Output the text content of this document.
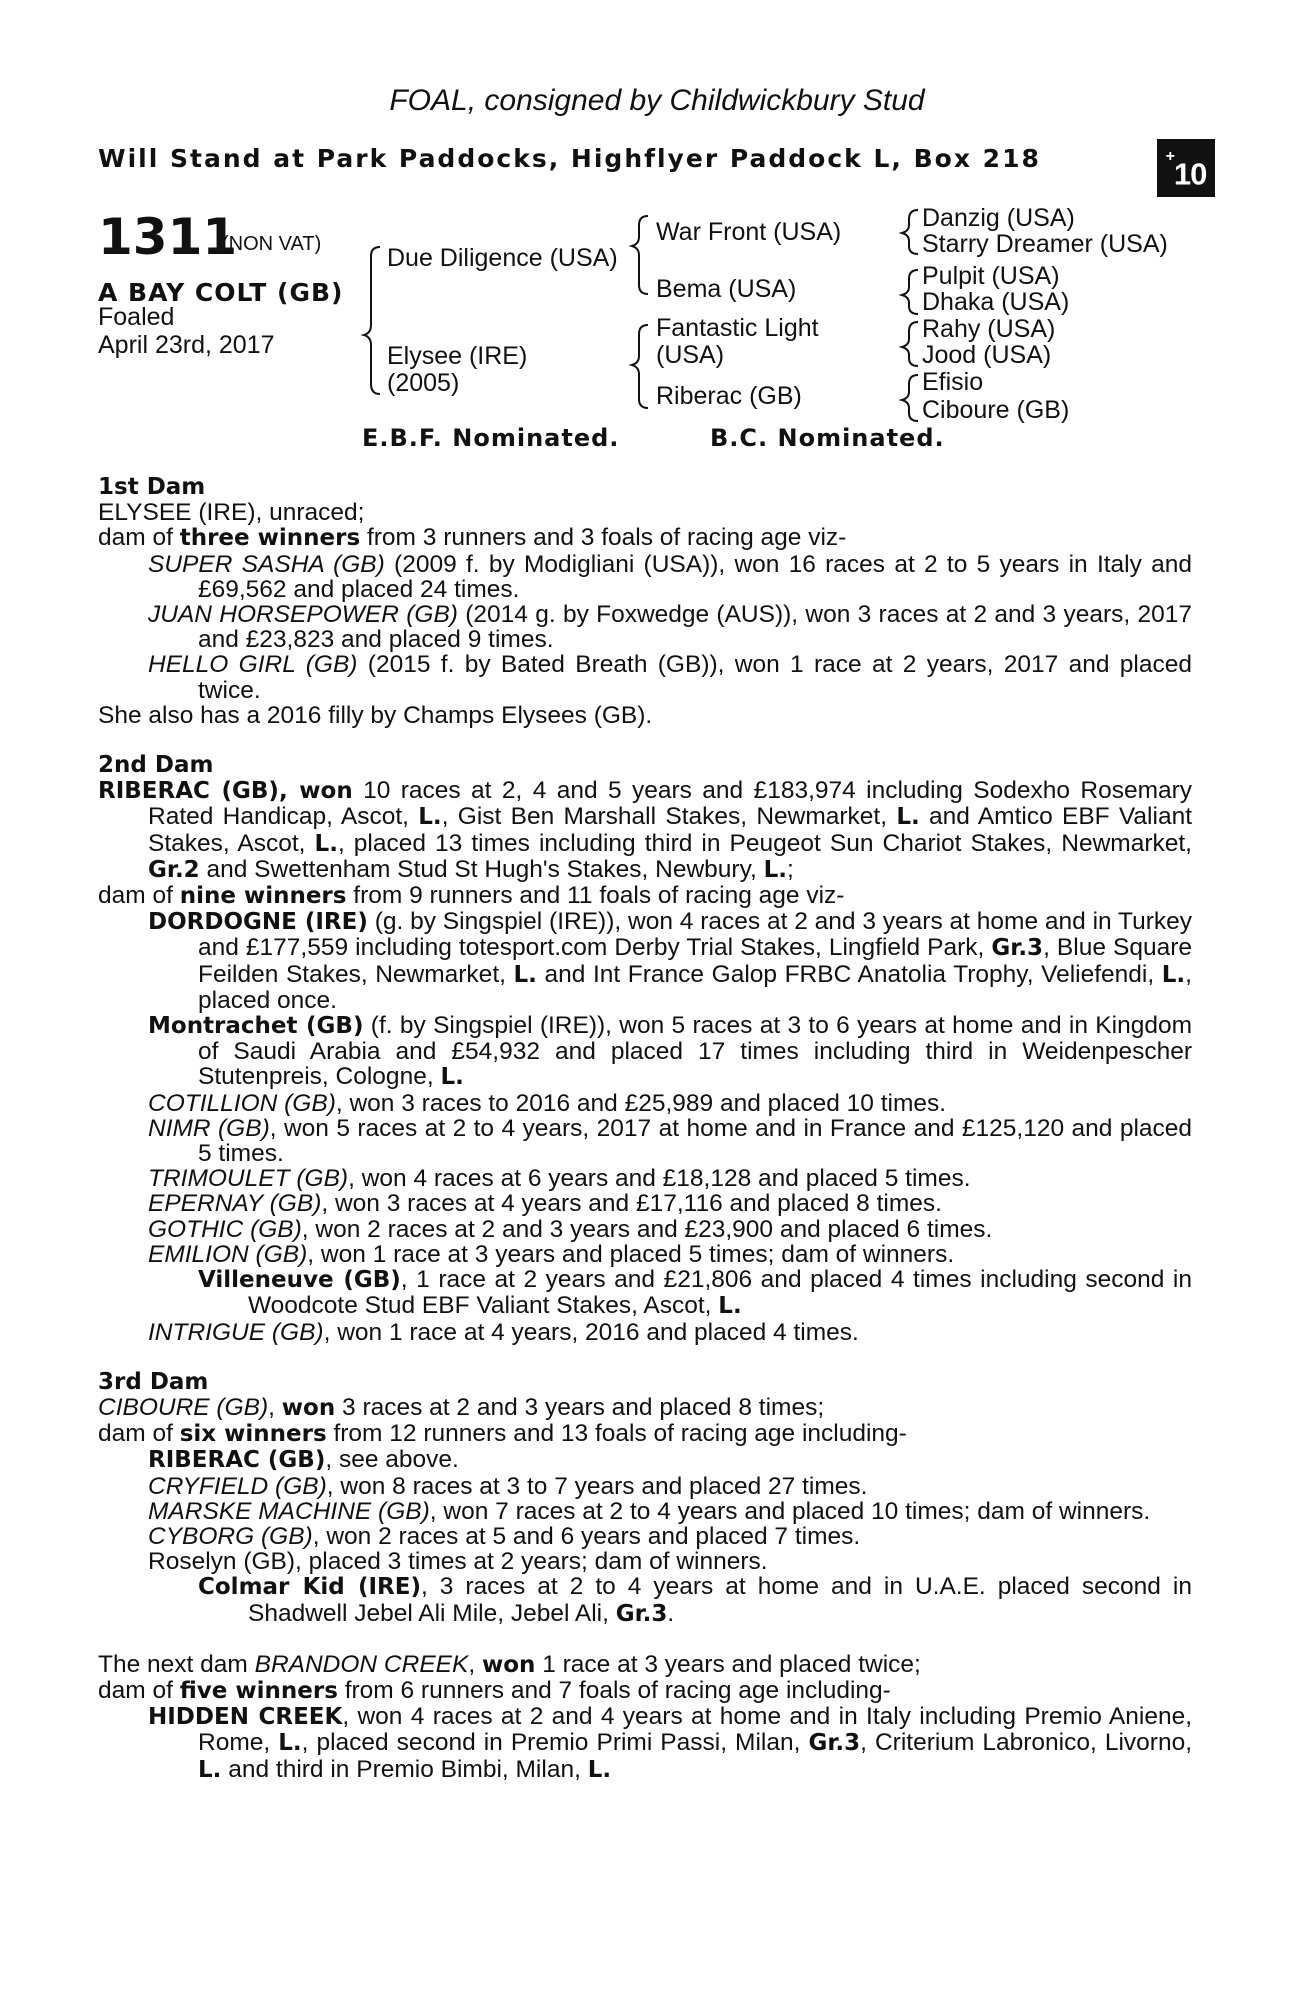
FOAL, consigned by Childwickbury Stud
Will Stand at Park Paddocks, Highflyer Paddock L, Box 218	+10
1311
(NON VAT)
A BAY COLT (GB)
Foaled
April 23rd, 2017
Due Diligence (USA)
Elysee (IRE)
(2005)
War Front (USA)
Bema (USA)
Fantastic Light
(USA)
Riberac (GB)
Danzig (USA)
Starry Dreamer (USA)
Pulpit (USA)
Dhaka (USA)
Rahy (USA)
Jood (USA)
Efisio
Ciboure (GB)
E.B.F. Nominated.	B.C. Nominated.

1st Dam

ELYSEE (IRE), unraced;

dam of three winners from 3 runners and 3 foals of racing age viz-

SUPER SASHA (GB) (2009 f. by Modigliani (USA)), won 16 races at 2 to 5 years in Italy and £69,562 and placed 24 times.

JUAN HORSEPOWER (GB) (2014 g. by Foxwedge (AUS)), won 3 races at 2 and 3 years, 2017 and £23,823 and placed 9 times.

HELLO GIRL (GB) (2015 f. by Bated Breath (GB)), won 1 race at 2 years, 2017 and placed twice.

She also has a 2016 filly by Champs Elysees (GB).

2nd Dam

RIBERAC (GB), won 10 races at 2, 4 and 5 years and £183,974 including Sodexho Rosemary Rated Handicap, Ascot, L., Gist Ben Marshall Stakes, Newmarket, L. and Amtico EBF Valiant Stakes, Ascot, L., placed 13 times including third in Peugeot Sun Chariot Stakes, Newmarket, Gr.2 and Swettenham Stud St Hugh's Stakes, Newbury, L.;

dam of nine winners from 9 runners and 11 foals of racing age viz-

DORDOGNE (IRE) (g. by Singspiel (IRE)), won 4 races at 2 and 3 years at home and in Turkey and £177,559 including totesport.com Derby Trial Stakes, Lingfield Park, Gr.3, Blue Square Feilden Stakes, Newmarket, L. and Int France Galop FRBC Anatolia Trophy, Veliefendi, L., placed once.

Montrachet (GB) (f. by Singspiel (IRE)), won 5 races at 3 to 6 years at home and in Kingdom of Saudi Arabia and £54,932 and placed 17 times including third in Weidenpescher Stutenpreis, Cologne, L.

COTILLION (GB), won 3 races to 2016 and £25,989 and placed 10 times.

NIMR (GB), won 5 races at 2 to 4 years, 2017 at home and in France and £125,120 and placed 5 times.

TRIMOULET (GB), won 4 races at 6 years and £18,128 and placed 5 times.

EPERNAY (GB), won 3 races at 4 years and £17,116 and placed 8 times.

GOTHIC (GB), won 2 races at 2 and 3 years and £23,900 and placed 6 times.

EMILION (GB), won 1 race at 3 years and placed 5 times; dam of winners.

Villeneuve (GB), 1 race at 2 years and £21,806 and placed 4 times including second in Woodcote Stud EBF Valiant Stakes, Ascot, L.

INTRIGUE (GB), won 1 race at 4 years, 2016 and placed 4 times.

3rd Dam

CIBOURE (GB), won 3 races at 2 and 3 years and placed 8 times;

dam of six winners from 12 runners and 13 foals of racing age including-

RIBERAC (GB), see above.

CRYFIELD (GB), won 8 races at 3 to 7 years and placed 27 times.

MARSKE MACHINE (GB), won 7 races at 2 to 4 years and placed 10 times; dam of winners.

CYBORG (GB), won 2 races at 5 and 6 years and placed 7 times.

Roselyn (GB), placed 3 times at 2 years; dam of winners.

Colmar Kid (IRE), 3 races at 2 to 4 years at home and in U.A.E. placed second in Shadwell Jebel Ali Mile, Jebel Ali, Gr.3.

The next dam BRANDON CREEK, won 1 race at 3 years and placed twice;

dam of five winners from 6 runners and 7 foals of racing age including-

HIDDEN CREEK, won 4 races at 2 and 4 years at home and in Italy including Premio Aniene, Rome, L., placed second in Premio Primi Passi, Milan, Gr.3, Criterium Labronico, Livorno, L. and third in Premio Bimbi, Milan, L.
